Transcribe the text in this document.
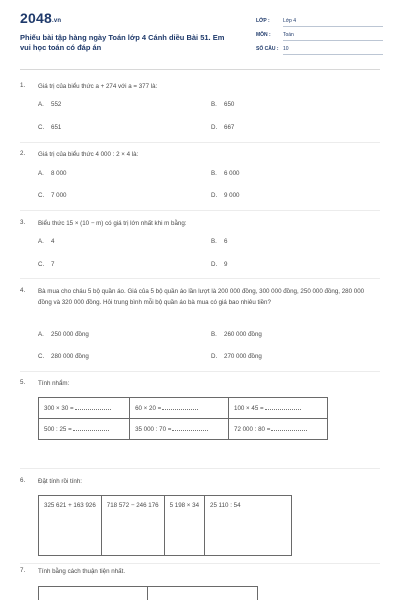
2048.vn
Phiếu bài tập hàng ngày Toán lớp 4 Cánh diều Bài 51. Em vui học toán có đáp án
LỚP :	Lớp 4
MÔN : Toán
SỐ CÂU : 10
1. Giá trị của biểu thức a + 274 với a = 377 là:
A. 552	B. 650
C. 651	D. 667
2. Giá trị của biểu thức 4 000 : 2 × 4 là:
A. 8 000	B. 6 000
C. 7 000	D. 9 000
3. Biểu thức 15 × (10 − m) có giá trị lớn nhất khi m bằng:
A. 4	B. 6
C. 7	D. 9
4. Bà mua cho cháu 5 bộ quần áo. Giá của 5 bộ quần áo lần lượt là 200 000 đồng, 300 000 đồng, 250 000 đồng, 280 000 đồng và 320 000 đồng. Hỏi trung bình mỗi bộ quần áo bà mua có giá bao nhiêu tiền?
A. 250 000 đồng	B. 260 000 đồng
C. 280 000 đồng	D. 270 000 đồng
5. Tính nhẩm:
300 × 30 =	60 × 20 =	100 × 45 =
500 : 25 =	35 000 : 70 =	72 000 : 80 =
6. Đặt tính rồi tính:
325 621 + 163 926	718 572 − 246 176	5 198 × 34	25 110 : 54

7. Tính bằng cách thuận tiện nhất.
